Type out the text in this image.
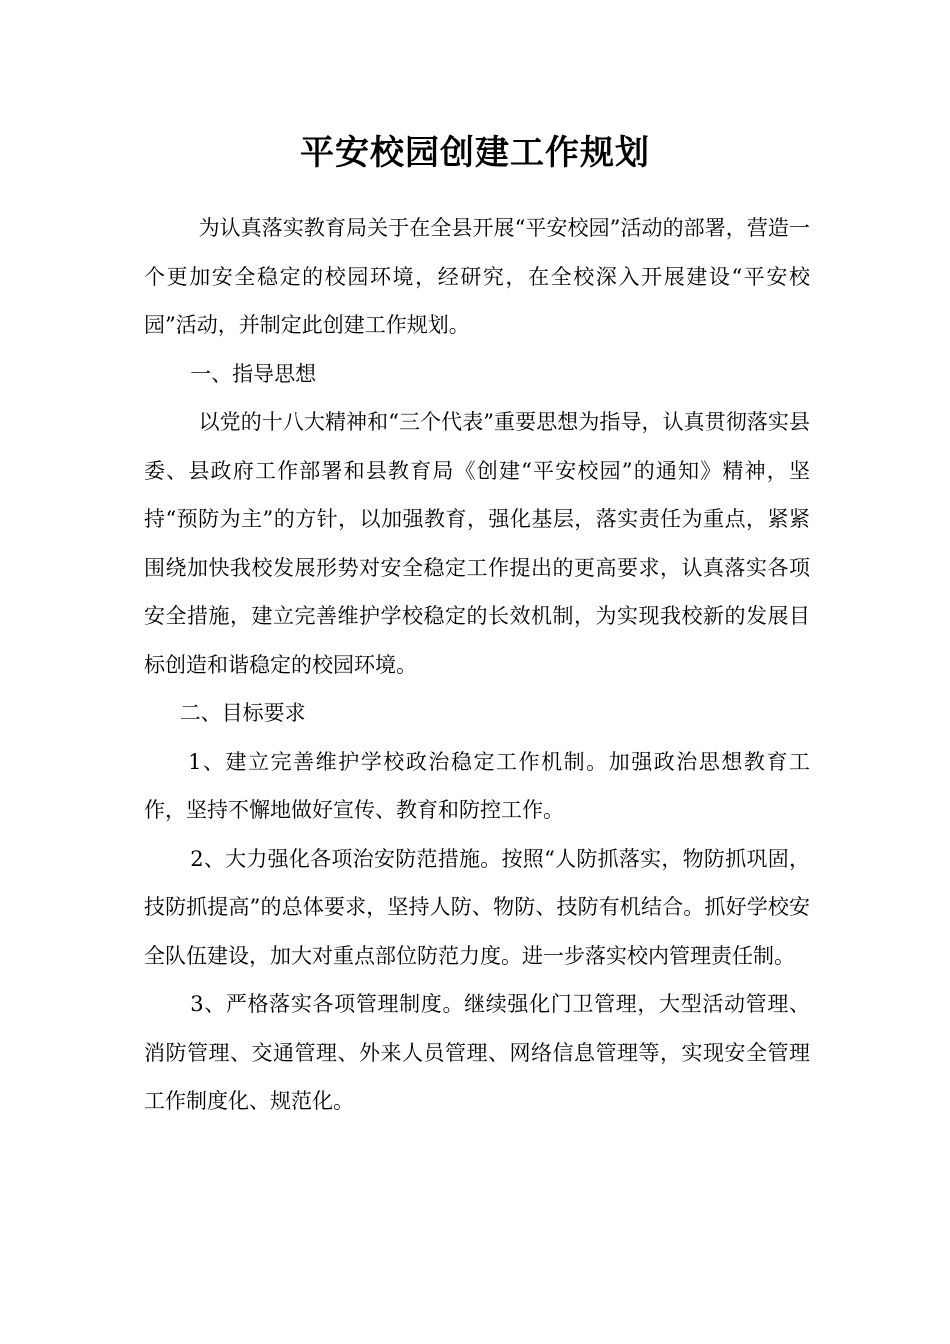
平安校园创建工作规划

为认真落实教育局关于在全县开展“平安校园”活动的部署，营造一个更加安全稳定的校园环境，经研究，在全校深入开展建设“平安校园”活动，并制定此创建工作规划。

一、指导思想

以党的十八大精神和“三个代表”重要思想为指导，认真贯彻落实县委、县政府工作部署和县教育局《创建“平安校园”的通知》精神，坚持“预防为主”的方针，以加强教育，强化基层，落实责任为重点，紧紧围绕加快我校发展形势对安全稳定工作提出的更高要求，认真落实各项安全措施，建立完善维护学校稳定的长效机制，为实现我校新的发展目标创造和谐稳定的校园环境。

二、目标要求

1、建立完善维护学校政治稳定工作机制。加强政治思想教育工作，坚持不懈地做好宣传、教育和防控工作。

2、大力强化各项治安防范措施。按照“人防抓落实，物防抓巩固，技防抓提高”的总体要求，坚持人防、物防、技防有机结合。抓好学校安全队伍建设，加大对重点部位防范力度。进一步落实校内管理责任制。

3、严格落实各项管理制度。继续强化门卫管理，大型活动管理、消防管理、交通管理、外来人员管理、网络信息管理等，实现安全管理工作制度化、规范化。
